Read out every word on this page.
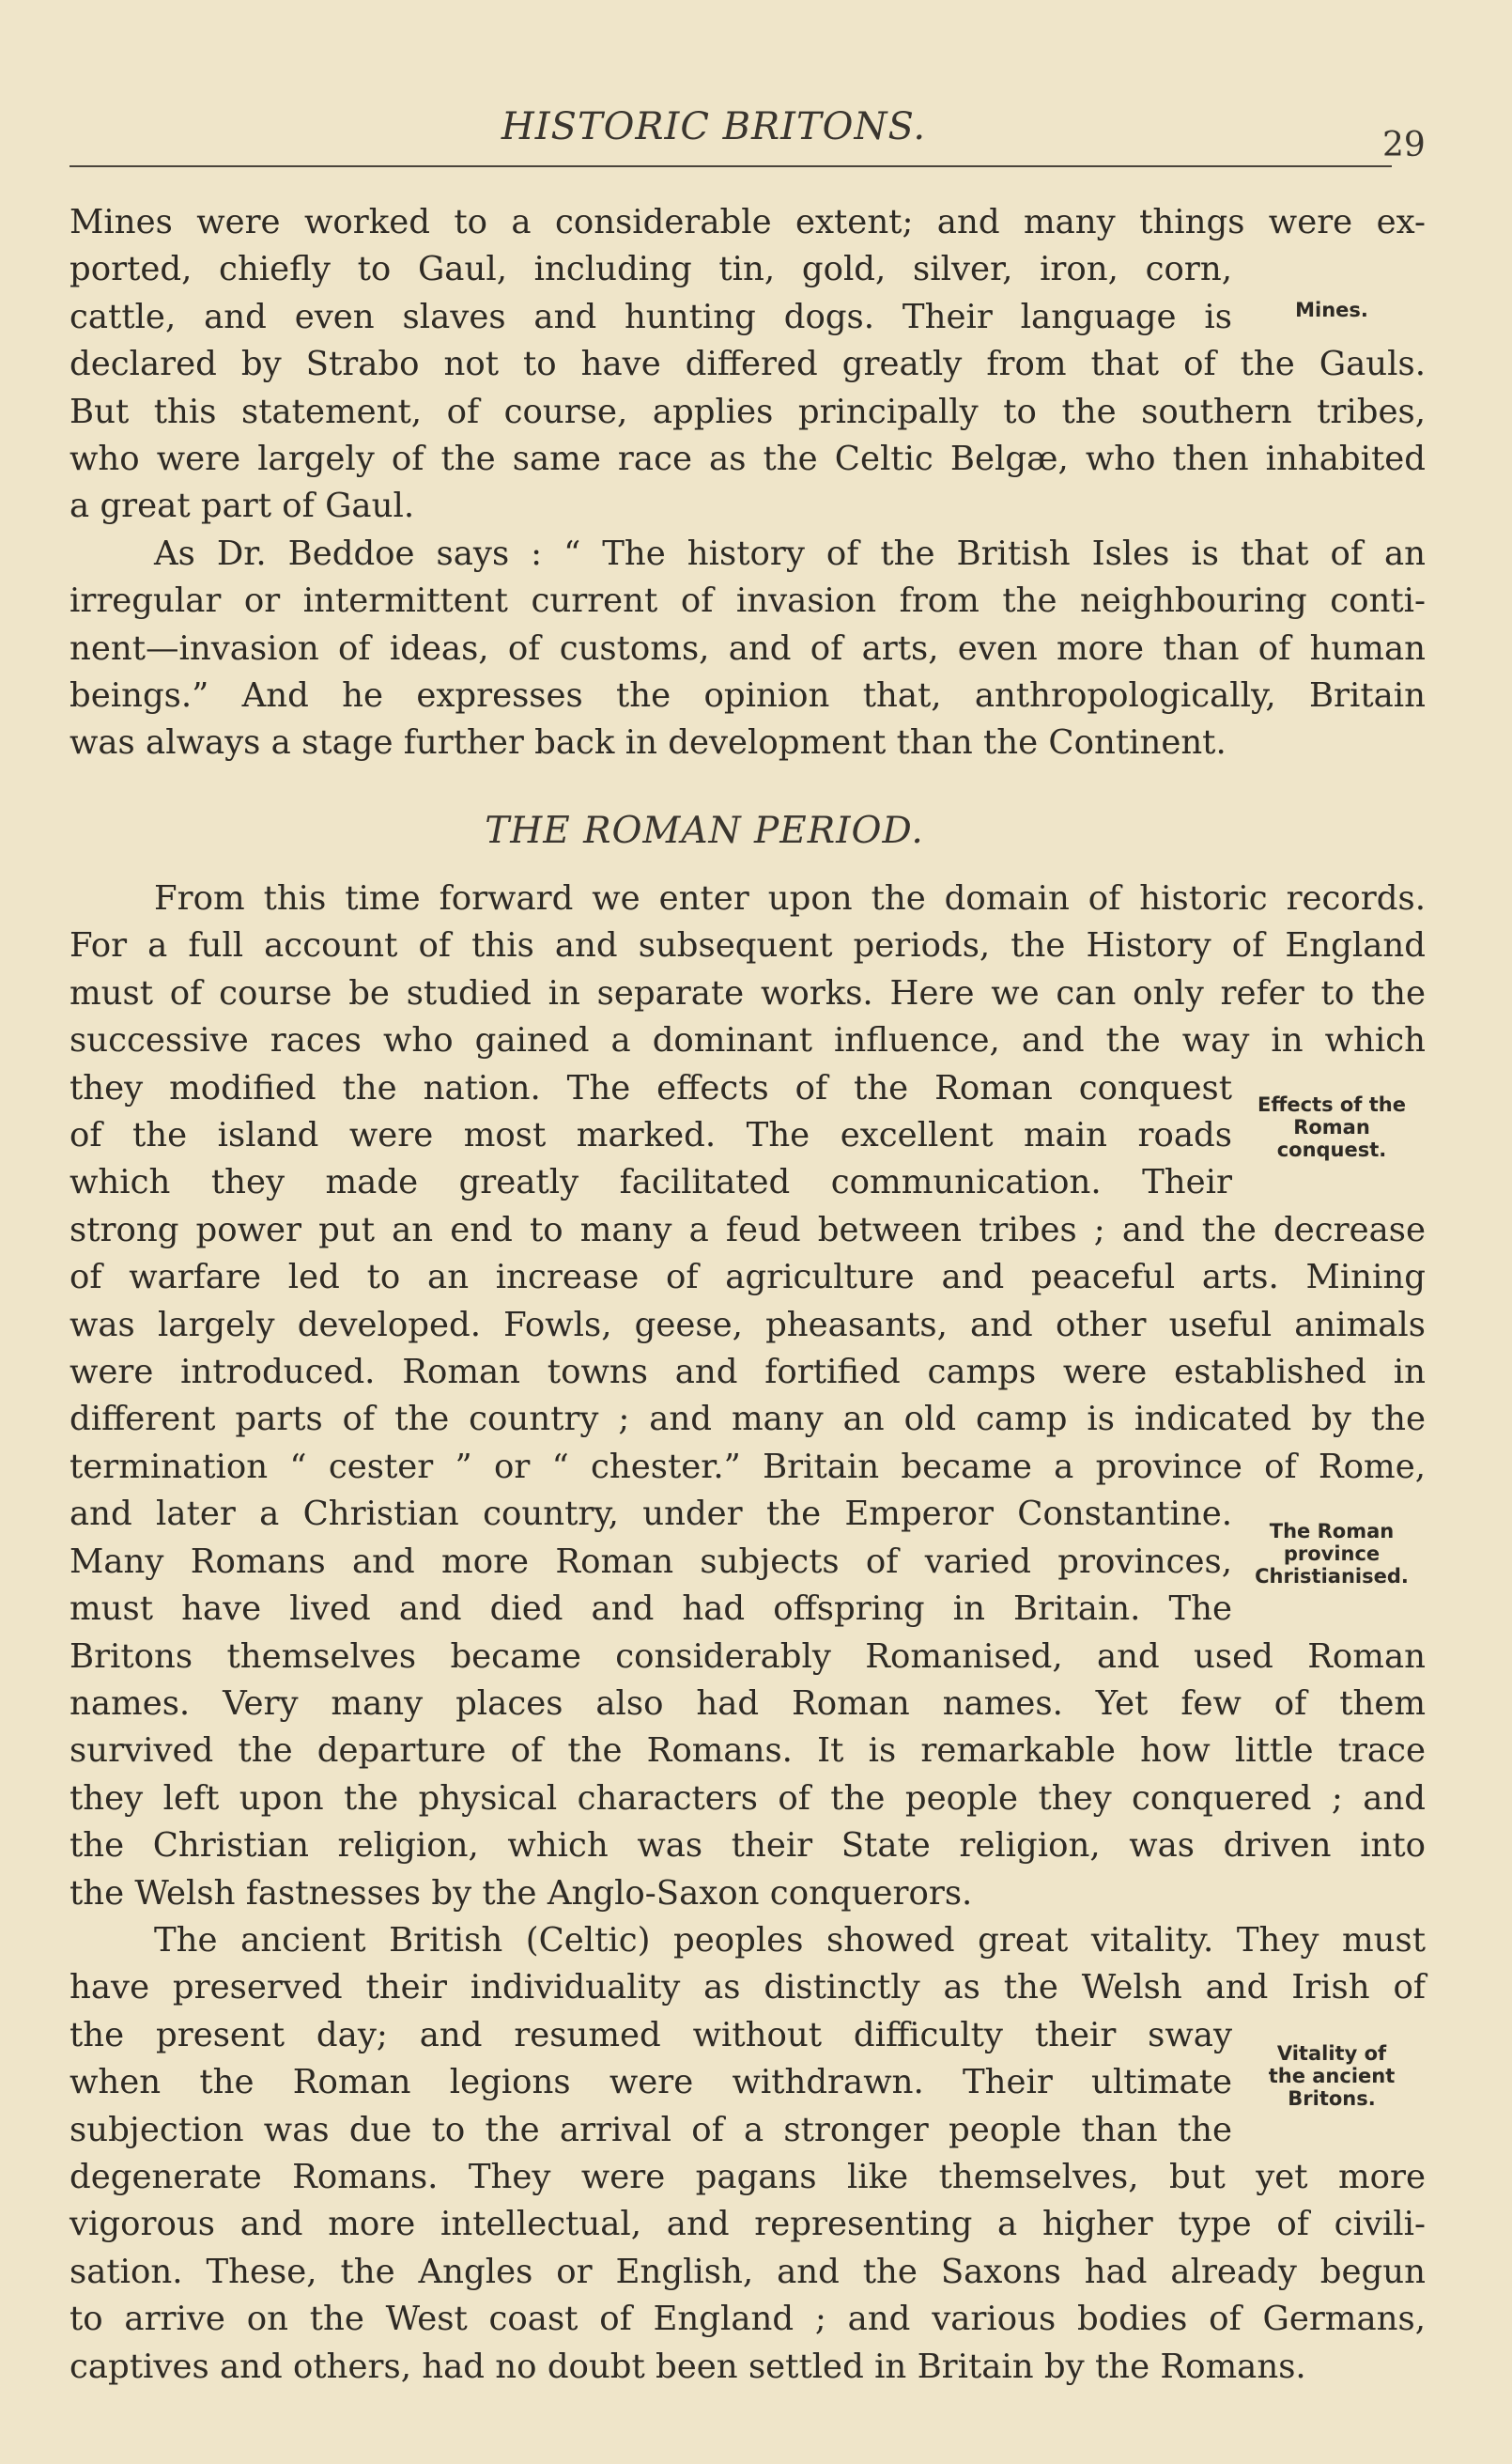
HISTORIC BRITONS.	29

Mines were worked to a considerable extent; and many things were ex-
ported, chiefly to Gaul, including tin, gold, silver, iron, corn,
cattle, and even slaves and hunting dogs. Their language is
declared by Strabo not to have differed greatly from that of the Gauls.
But this statement, of course, applies principally to the southern tribes,
who were largely of the same race as the Celtic Belgæ, who then inhabited
a great part of Gaul.

As Dr. Beddoe says : “ The history of the British Isles is that of an
irregular or intermittent current of invasion from the neighbouring conti-
nent—invasion of ideas, of customs, and of arts, even more than of human
beings.” And he expresses the opinion that, anthropologically, Britain
was always a stage further back in development than the Continent.

THE ROMAN PERIOD.

From this time forward we enter upon the domain of historic records.
For a full account of this and subsequent periods, the History of England
must of course be studied in separate works. Here we can only refer to the
successive races who gained a dominant influence, and the way in which
they modified the nation. The effects of the Roman conquest
of the island were most marked. The excellent main roads
which they made greatly facilitated communication. Their
strong power put an end to many a feud between tribes ; and the decrease
of warfare led to an increase of agriculture and peaceful arts. Mining
was largely developed. Fowls, geese, pheasants, and other useful animals
were introduced. Roman towns and fortified camps were established in
different parts of the country ; and many an old camp is indicated by the
termination “ cester ” or “ chester.” Britain became a province of Rome,
and later a Christian country, under the Emperor Constantine.
Many Romans and more Roman subjects of varied provinces,
must have lived and died and had offspring in Britain. The
Britons themselves became considerably Romanised, and used Roman
names. Very many places also had Roman names. Yet few of them
survived the departure of the Romans. It is remarkable how little trace
they left upon the physical characters of the people they conquered ; and
the Christian religion, which was their State religion, was driven into
the Welsh fastnesses by the Anglo-Saxon conquerors.

The ancient British (Celtic) peoples showed great vitality. They must
have preserved their individuality as distinctly as the Welsh and Irish of
the present day; and resumed without difficulty their sway
when the Roman legions were withdrawn. Their ultimate
subjection was due to the arrival of a stronger people than the
degenerate Romans. They were pagans like themselves, but yet more
vigorous and more intellectual, and representing a higher type of civili-
sation. These, the Angles or English, and the Saxons had already begun
to arrive on the West coast of England ; and various bodies of Germans,
captives and others, had no doubt been settled in Britain by the Romans.

Mines.
Effects of the
Roman
conquest.
The Roman
province
Christianised.
Vitality of
the ancient
Britons.
